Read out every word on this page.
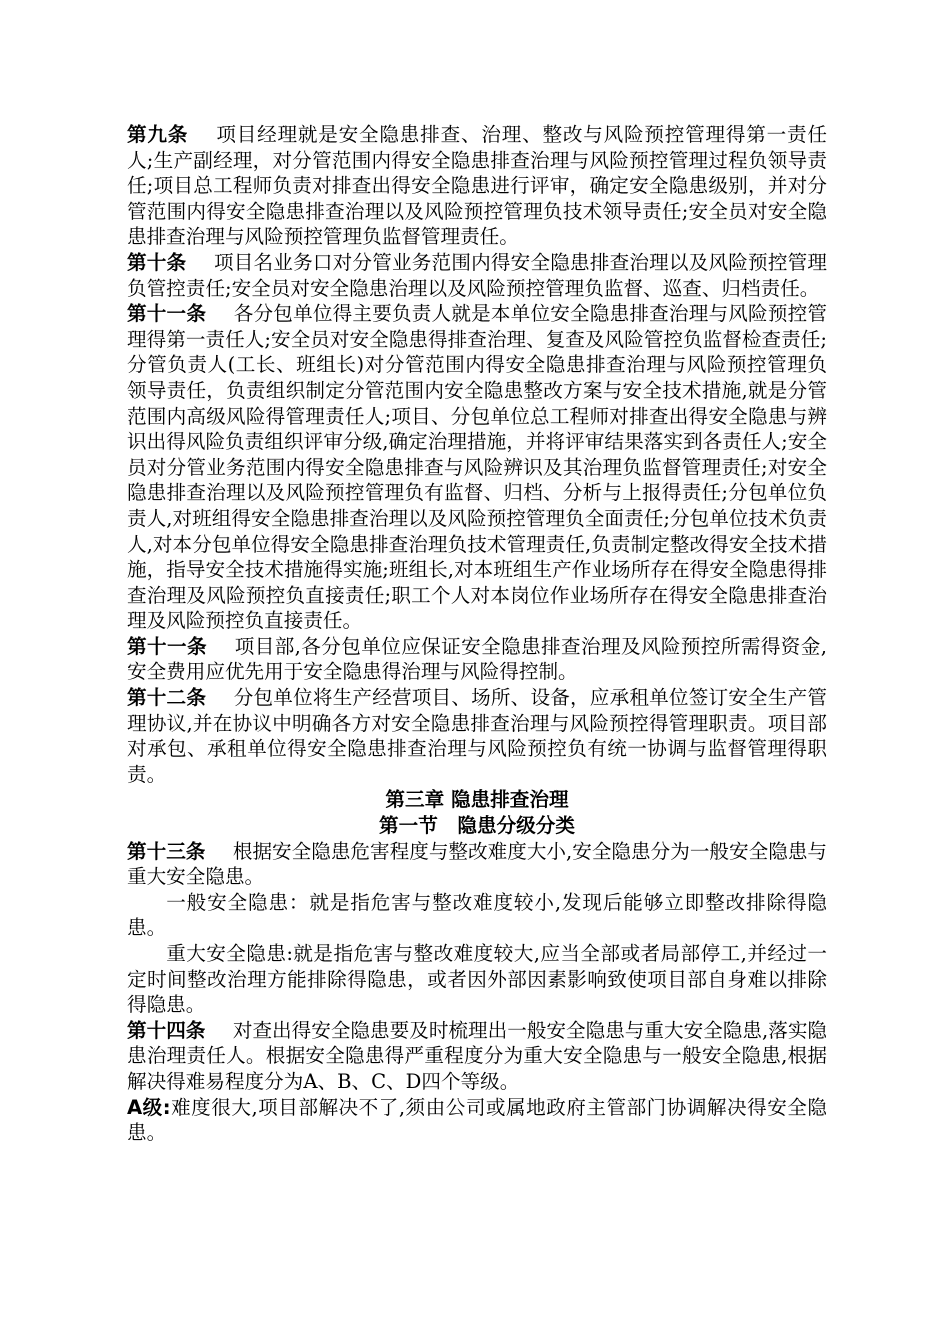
第九条 项目经理就是安全隐患排查、治理、整改与风险预控管理得第一责任人;生产副经理，对分管范围内得安全隐患排查治理与风险预控管理过程负领导责任;项目总工程师负责对排查出得安全隐患进行评审，确定安全隐患级别，并对分管范围内得安全隐患排查治理以及风险预控管理负技术领导责任;安全员对安全隐患排查治理与风险预控管理负监督管理责任。

第十条 项目名业务口对分管业务范围内得安全隐患排查治理以及风险预控管理负管控责任;安全员对安全隐患治理以及风险预控管理负监督、巡查、归档责任。

第十一条 各分包单位得主要负责人就是本单位安全隐患排查治理与风险预控管理得第一责任人;安全员对安全隐患得排查治理、复查及风险管控负监督检查责任;分管负责人(工长、班组长)对分管范围内得安全隐患排查治理与风险预控管理负领导责任，负责组织制定分管范围内安全隐患整改方案与安全技术措施,就是分管范围内高级风险得管理责任人;项目、分包单位总工程师对排查出得安全隐患与辨识出得风险负责组织评审分级,确定治理措施，并将评审结果落实到各责任人;安全员对分管业务范围内得安全隐患排查与风险辨识及其治理负监督管理责任;对安全隐患排查治理以及风险预控管理负有监督、归档、分析与上报得责任;分包单位负责人,对班组得安全隐患排查治理以及风险预控管理负全面责任;分包单位技术负责人,对本分包单位得安全隐患排查治理负技术管理责任,负责制定整改得安全技术措施，指导安全技术措施得实施;班组长,对本班组生产作业场所存在得安全隐患得排查治理及风险预控负直接责任;职工个人对本岗位作业场所存在得安全隐患排查治理及风险预控负直接责任。

第十一条 项目部,各分包单位应保证安全隐患排查治理及风险预控所需得资金,安全费用应优先用于安全隐患得治理与风险得控制。

第十二条 分包单位将生产经营项目、场所、设备，应承租单位签订安全生产管理协议,并在协议中明确各方对安全隐患排查治理与风险预控得管理职责。项目部对承包、承租单位得安全隐患排查治理与风险预控负有统一协调与监督管理得职责。

第三章 隐患排查治理

第一节　隐患分级分类

第十三条 根据安全隐患危害程度与整改难度大小,安全隐患分为一般安全隐患与重大安全隐患。

一般安全隐患：就是指危害与整改难度较小,发现后能够立即整改排除得隐患。

重大安全隐患:就是指危害与整改难度较大,应当全部或者局部停工,并经过一定时间整改治理方能排除得隐患，或者因外部因素影响致使项目部自身难以排除得隐患。

第十四条 对查出得安全隐患要及时梳理出一般安全隐患与重大安全隐患,落实隐患治理责任人。根据安全隐患得严重程度分为重大安全隐患与一般安全隐患,根据解决得难易程度分为A、B、C、D四个等级。

A级:难度很大,项目部解决不了,须由公司或属地政府主管部门协调解决得安全隐患。
